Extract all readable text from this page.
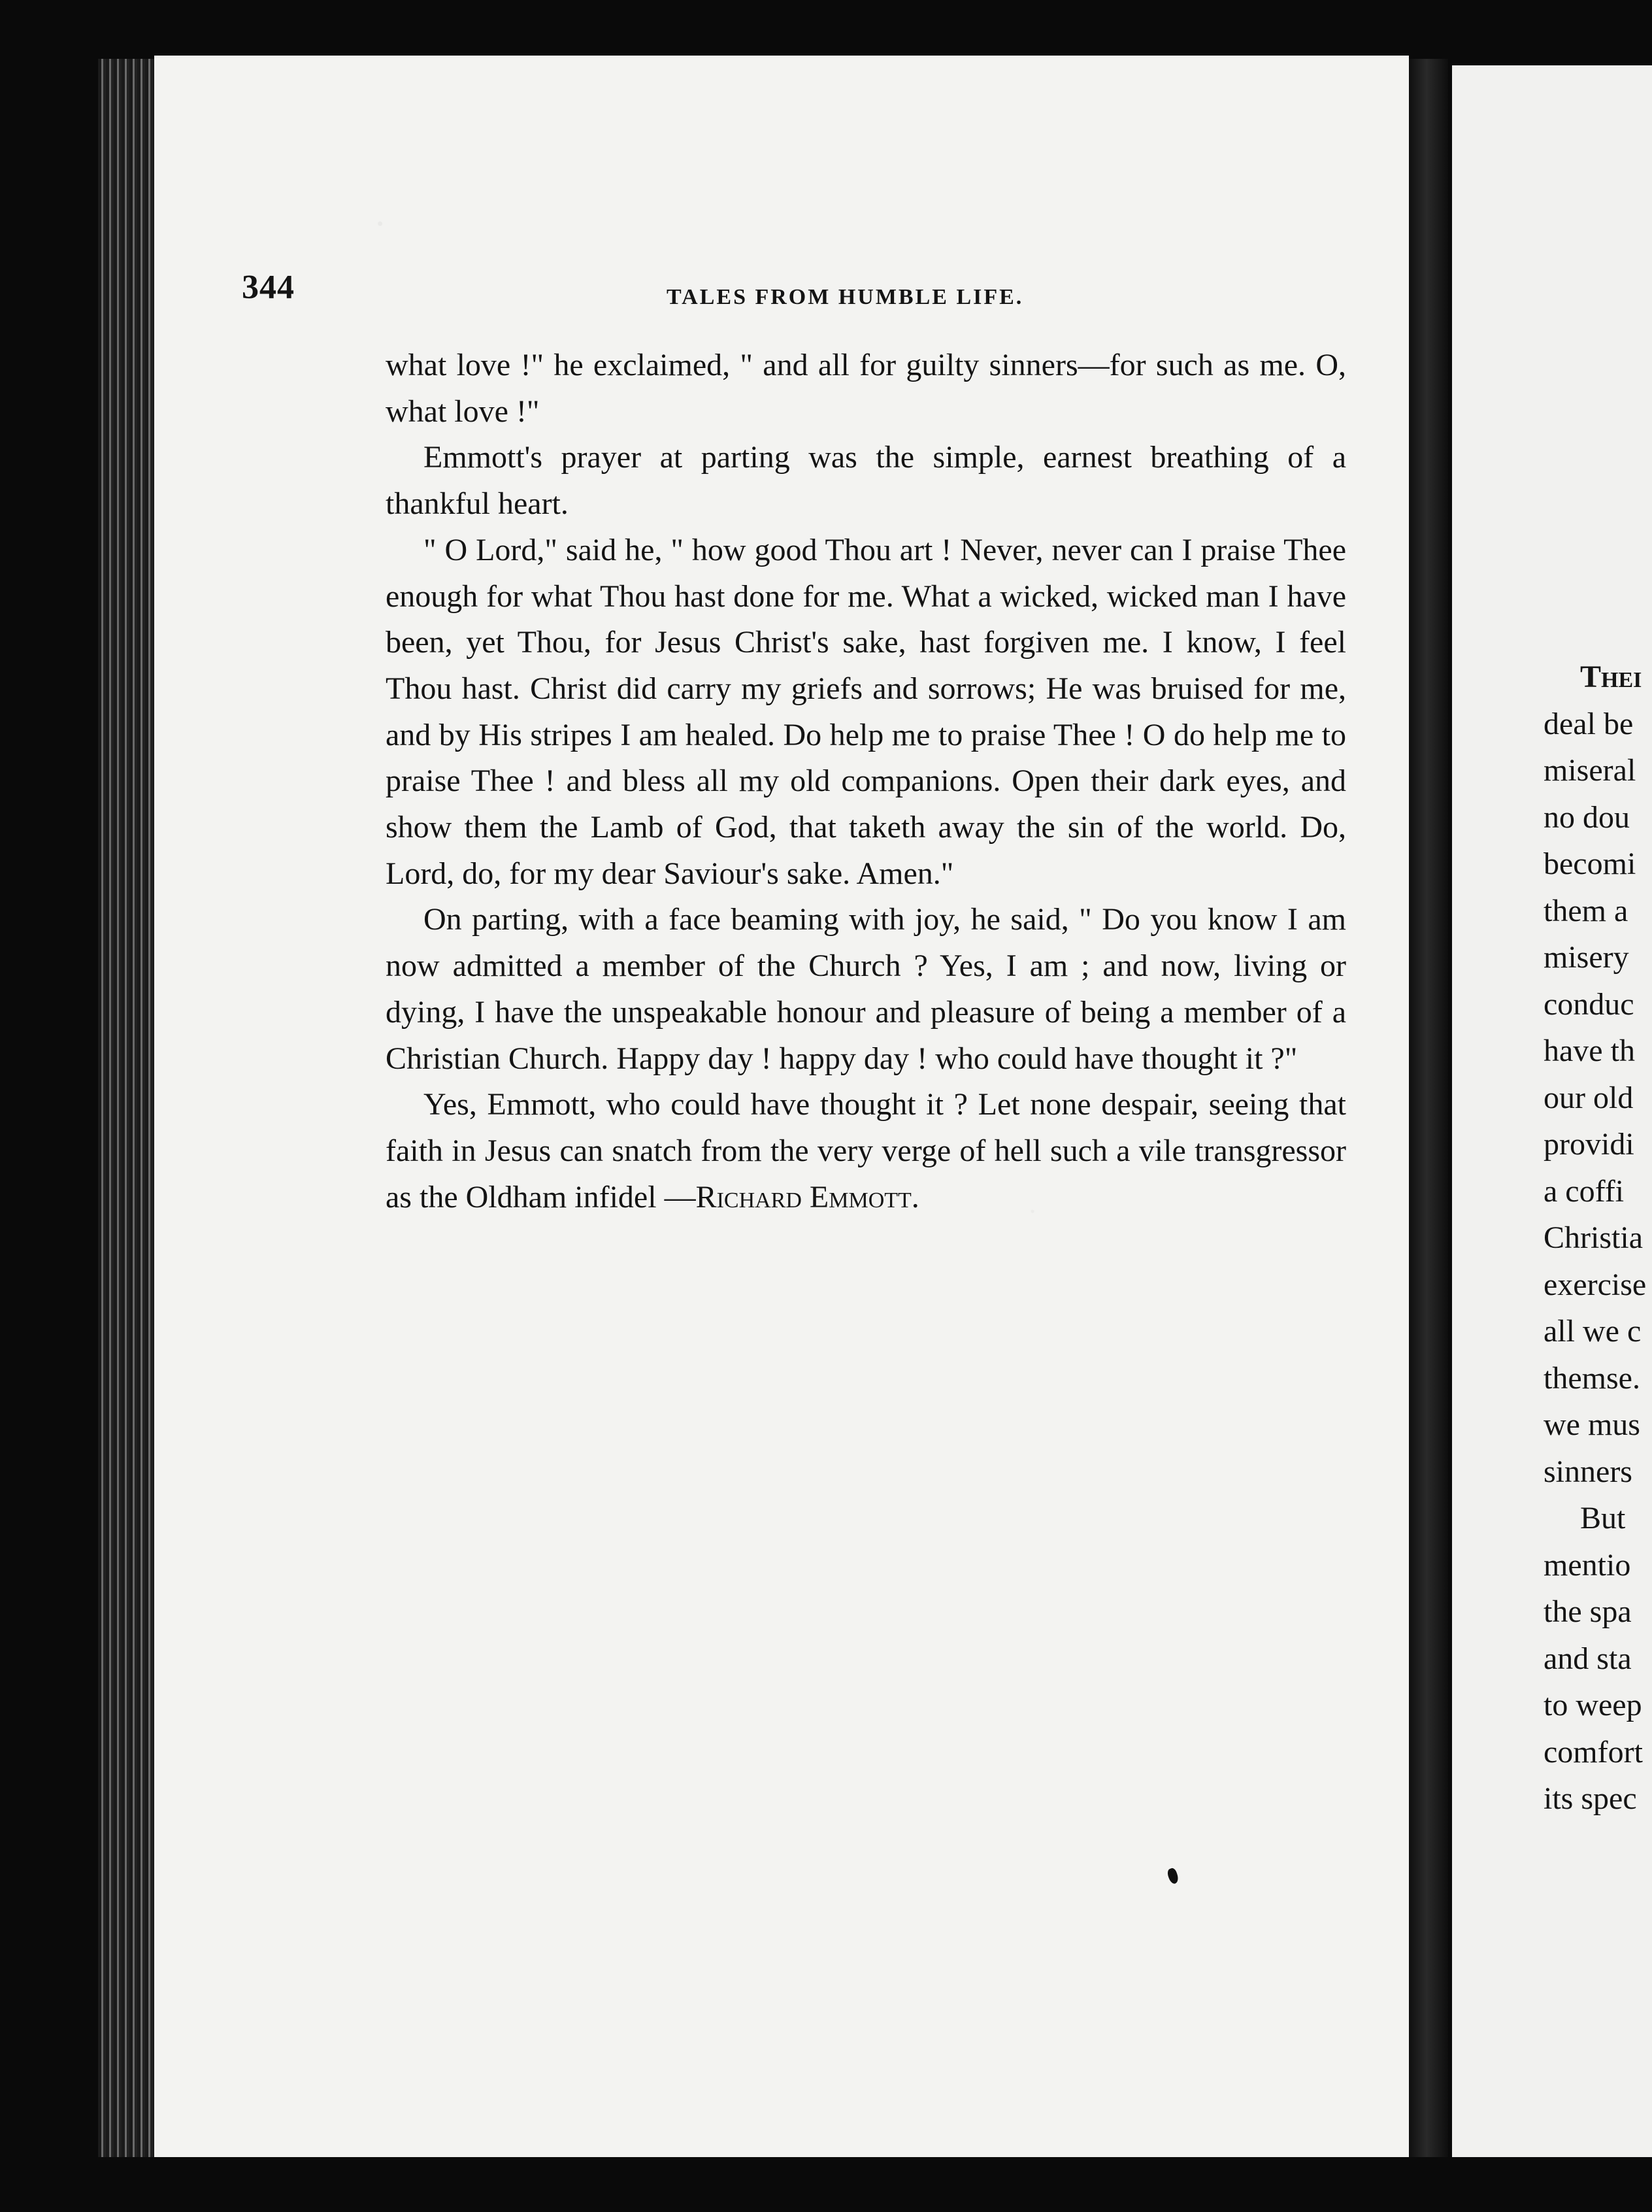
344	TALES FROM HUMBLE LIFE.

what love !" he exclaimed, " and all for guilty sinners—for such as me. O, what love !"

Emmott's prayer at parting was the simple, earnest breathing of a thankful heart.

" O Lord," said he, " how good Thou art ! Never, never can I praise Thee enough for what Thou hast done for me. What a wicked, wicked man I have been, yet Thou, for Jesus Christ's sake, hast forgiven me. I know, I feel Thou hast. Christ did carry my griefs and sorrows; He was bruised for me, and by His stripes I am healed. Do help me to praise Thee ! O do help me to praise Thee ! and bless all my old companions. Open their dark eyes, and show them the Lamb of God, that taketh away the sin of the world. Do, Lord, do, for my dear Saviour's sake. Amen."

On parting, with a face beaming with joy, he said, " Do you know I am now admitted a member of the Church ? Yes, I am ; and now, living or dying, I have the unspeakable honour and pleasure of being a member of a Christian Church. Happy day ! happy day ! who could have thought it ?"

Yes, Emmott, who could have thought it ? Let none despair, seeing that faith in Jesus can snatch from the very verge of hell such a vile transgressor as the Oldham infidel —Richard Emmott.

Thei
deal be
miseral
no dou
becomi
them a
misery
conduc
have th
our old
providi
a coffi
Christia
exercise
all we c
themse.
we mus
sinners
But
mentio
the spa
and sta
to weep
comfort
its spec
